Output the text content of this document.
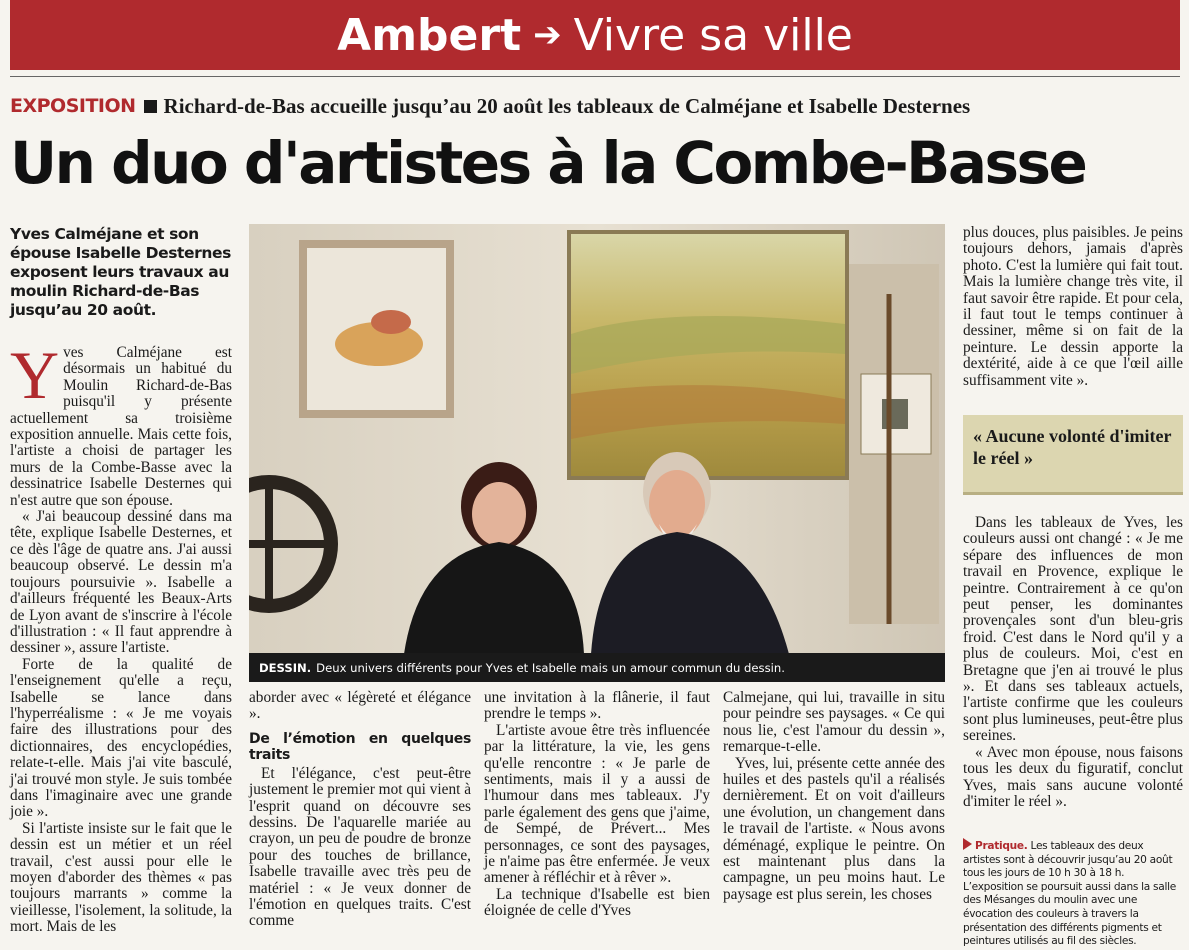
Ambert ➔ Vivre sa ville
EXPOSITION Richard-de-Bas accueille jusqu’au 20 août les tableaux de Calméjane et Isabelle Desternes
Un duo d'artistes à la Combe-Basse
Yves Calméjane et son épouse Isabelle Desternes exposent leurs travaux au moulin Richard-de-Bas jusqu’au 20 août.

Yves Calméjane est désormais un habitué du Moulin Richard-de-Bas puisqu'il y présente actuellement sa troisième exposition annuelle. Mais cette fois, l'artiste a choisi de partager les murs de la Combe-Basse avec la dessinatrice Isabelle Desternes qui n'est autre que son épouse.

« J'ai beaucoup dessiné dans ma tête, explique Isabelle Desternes, et ce dès l'âge de quatre ans. J'ai aussi beaucoup observé. Le dessin m'a toujours poursuivie ». Isabelle a d'ailleurs fréquenté les Beaux-Arts de Lyon avant de s'inscrire à l'école d'illustration : « Il faut apprendre à dessiner », assure l'artiste.

Forte de la qualité de l'enseignement qu'elle a reçu, Isabelle se lance dans l'hyperréalisme : « Je me voyais faire des illustrations pour des dictionnaires, des encyclopédies, relate-t-elle. Mais j'ai vite basculé, j'ai trouvé mon style. Je suis tombée dans l'imaginaire avec une grande joie ».

Si l'artiste insiste sur le fait que le dessin est un métier et un réel travail, c'est aussi pour elle le moyen d'aborder des thèmes « pas toujours marrants » comme la vieillesse, l'isolement, la solitude, la mort. Mais de les

DESSIN. Deux univers différents pour Yves et Isabelle mais un amour commun du dessin.

aborder avec « légèreté et élégance ».

De l’émotion en quelques traits

Et l'élégance, c'est peut-être justement le premier mot qui vient à l'esprit quand on découvre ses dessins. De l'aquarelle mariée au crayon, un peu de poudre de bronze pour des touches de brillance, Isabelle travaille avec très peu de matériel : « Je veux donner de l'émotion en quelques traits. C'est comme

une invitation à la flânerie, il faut prendre le temps ».

L'artiste avoue être très influencée par la littérature, la vie, les gens qu'elle rencontre : « Je parle de sentiments, mais il y a aussi de l'humour dans mes tableaux. J'y parle également des gens que j'aime, de Sempé, de Prévert... Mes personnages, ce sont des paysages, je n'aime pas être enfermée. Je veux amener à réfléchir et à rêver ».

La technique d'Isabelle est bien éloignée de celle d'Yves

Calmejane, qui lui, travaille in situ pour peindre ses paysages. « Ce qui nous lie, c'est l'amour du dessin », remarque-t-elle.

Yves, lui, présente cette année des huiles et des pastels qu'il a réalisés dernièrement. Et on voit d'ailleurs une évolution, un changement dans le travail de l'artiste. « Nous avons déménagé, explique le peintre. On est maintenant plus dans la campagne, un peu moins haut. Le paysage est plus serein, les choses

plus douces, plus paisibles. Je peins toujours dehors, jamais d'après photo. C'est la lumière qui fait tout. Mais la lumière change très vite, il faut savoir être rapide. Et pour cela, il faut tout le temps continuer à dessiner, même si on fait de la peinture. Le dessin apporte la dextérité, aide à ce que l'œil aille suffisamment vite ».

« Aucune volonté d'imiter le réel »

Dans les tableaux de Yves, les couleurs aussi ont changé : « Je me sépare des influences de mon travail en Provence, explique le peintre. Contrairement à ce qu'on peut penser, les dominantes provençales sont d'un bleu-gris froid. C'est dans le Nord qu'il y a plus de couleurs. Moi, c'est en Bretagne que j'en ai trouvé le plus ». Et dans ses tableaux actuels, l'artiste confirme que les couleurs sont plus lumineuses, peut-être plus sereines.

« Avec mon épouse, nous faisons tous les deux du figuratif, conclut Yves, mais sans aucune volonté d'imiter le réel ».

Pratique. Les tableaux des deux artistes sont à découvrir jusqu’au 20 août tous les jours de 10 h 30 à 18 h. L’exposition se poursuit aussi dans la salle des Mésanges du moulin avec une évocation des couleurs à travers la présentation des différents pigments et peintures utilisés au fil des siècles.
